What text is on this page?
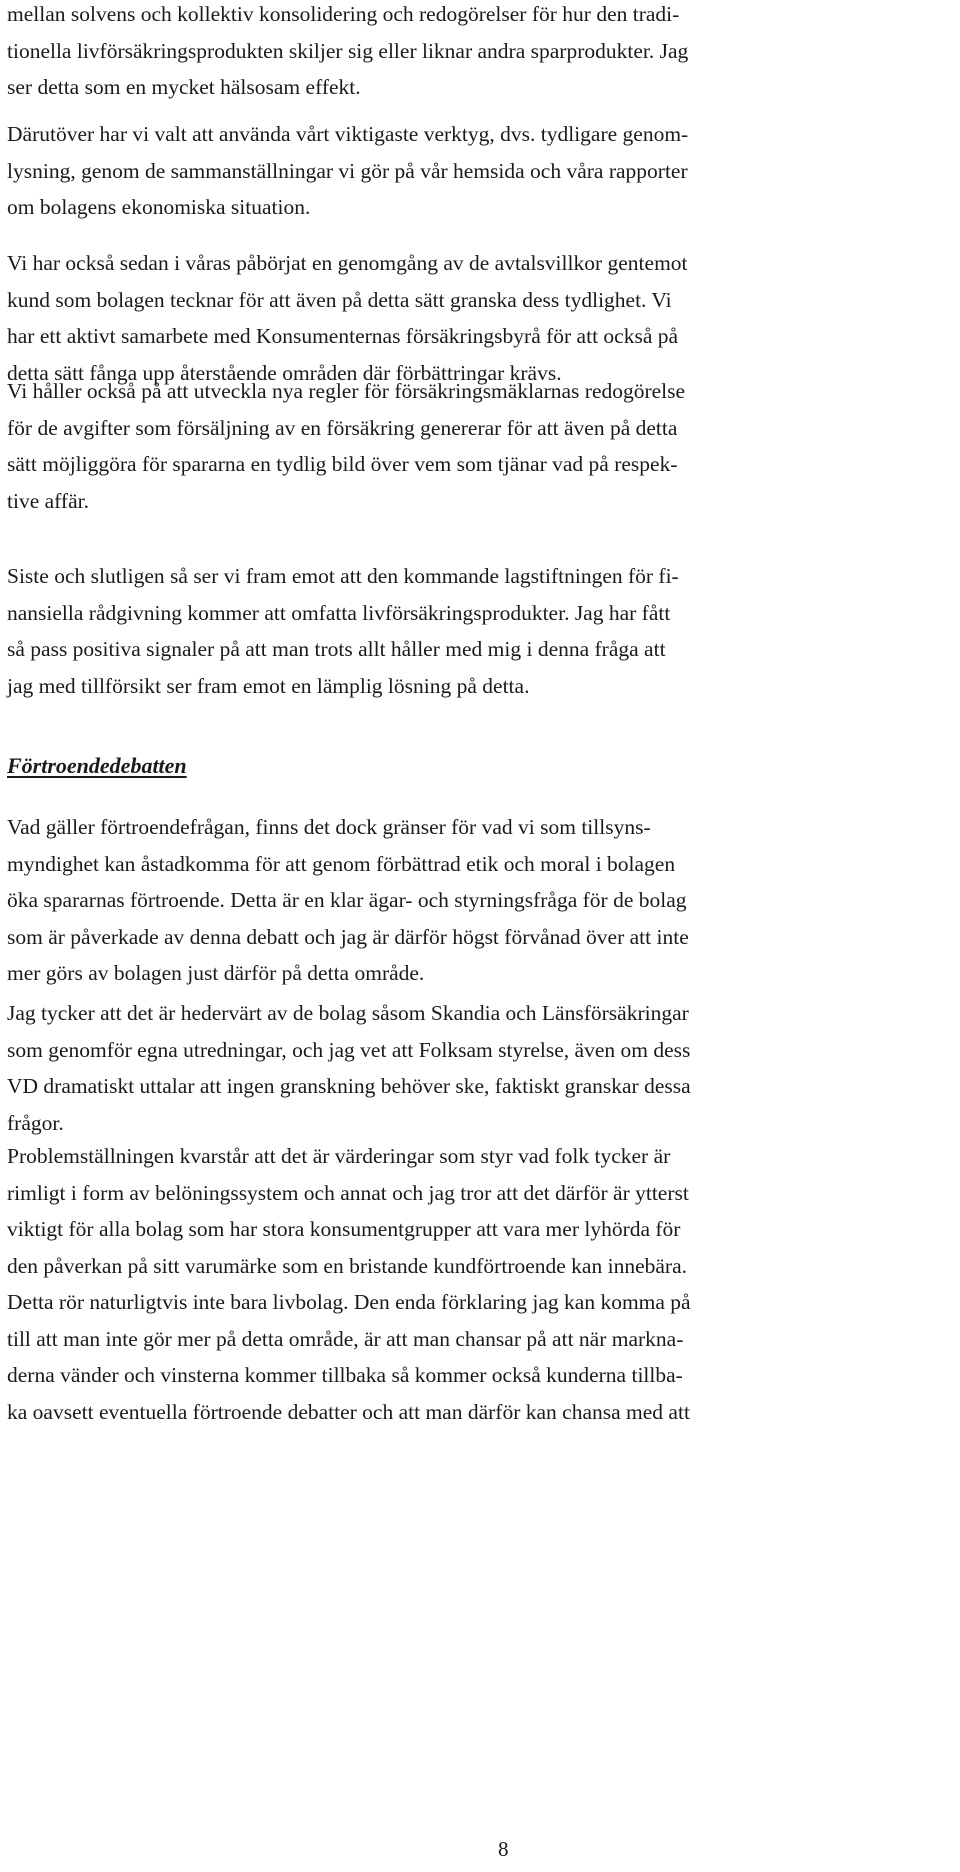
mellan solvens och kollektiv konsolidering och redogörelser för hur den tradi-
tionella livförsäkringsprodukten skiljer sig eller liknar andra sparprodukter. Jag
ser detta som en mycket hälsosam effekt.

Därutöver har vi valt att använda vårt viktigaste verktyg, dvs. tydligare genom-
lysning, genom de sammanställningar vi gör på vår hemsida och våra rapporter
om bolagens ekonomiska situation.

Vi har också sedan i våras påbörjat en genomgång av de avtalsvillkor gentemot
kund som bolagen tecknar för att även på detta sätt granska dess tydlighet. Vi
har ett aktivt samarbete med Konsumenternas försäkringsbyrå för att också på
detta sätt fånga upp återstående områden där förbättringar krävs.

Vi håller också på att utveckla nya regler för försäkringsmäklarnas redogörelse
för de avgifter som försäljning av en försäkring genererar för att även på detta
sätt möjliggöra för spararna en tydlig bild över vem som tjänar vad på respek-
tive affär.

Siste och slutligen så ser vi fram emot att den kommande lagstiftningen för fi-
nansiella rådgivning kommer att omfatta livförsäkringsprodukter. Jag har fått
så pass positiva signaler på att man trots allt håller med mig i denna fråga att
jag med tillförsikt ser fram emot en lämplig lösning på detta.

Förtroendedebatten

Vad gäller förtroendefrågan, finns det dock gränser för vad vi som tillsyns-
myndighet kan åstadkomma för att genom förbättrad etik och moral i bolagen
öka spararnas förtroende. Detta är en klar ägar- och styrningsfråga för de bolag
som är påverkade av denna debatt och jag är därför högst förvånad över att inte
mer görs av bolagen just därför på detta område.

Jag tycker att det är hedervärt av de bolag såsom Skandia och Länsförsäkringar
som genomför egna utredningar, och jag vet att Folksam styrelse, även om dess
VD dramatiskt uttalar att ingen granskning behöver ske, faktiskt granskar dessa
frågor.

Problemställningen kvarstår att det är värderingar som styr vad folk tycker är
rimligt i form av belöningssystem och annat och jag tror att det därför är ytterst
viktigt för alla bolag som har stora konsumentgrupper att vara mer lyhörda för
den påverkan på sitt varumärke som en bristande kundförtroende kan innebära.
Detta rör naturligtvis inte bara livbolag. Den enda förklaring jag kan komma på
till att man inte gör mer på detta område, är att man chansar på att när markna-
derna vänder och vinsterna kommer tillbaka så kommer också kunderna tillba-
ka oavsett eventuella förtroende debatter och att man därför kan chansa med att

8
